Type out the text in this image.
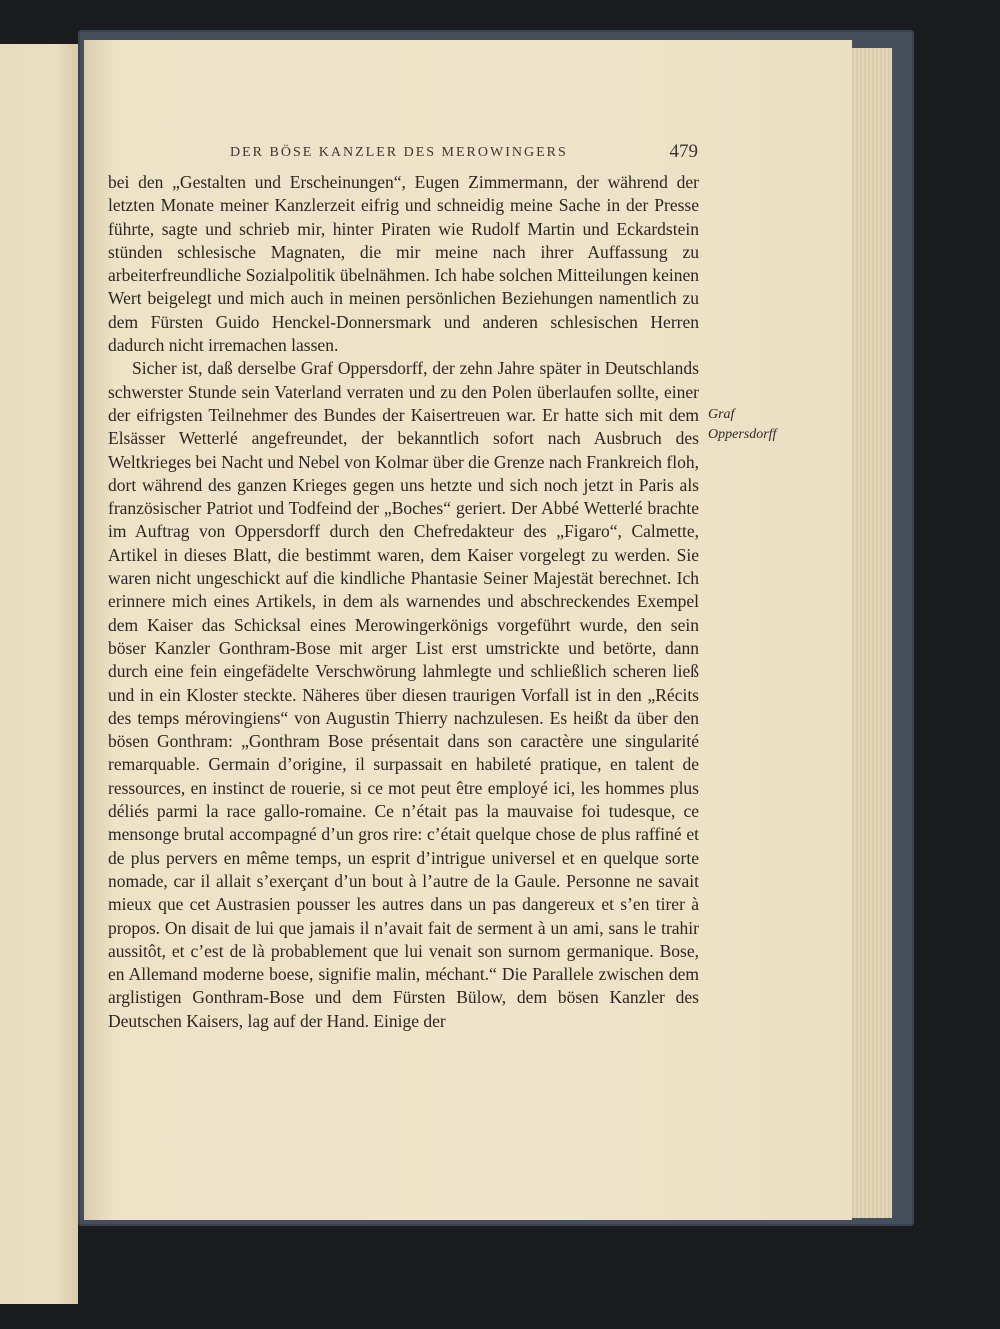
DER BÖSE KANZLER DES MEROWINGERS	479

bei den „Gestalten und Erscheinungen“, Eugen Zimmermann, der während der letzten Monate meiner Kanzlerzeit eifrig und schneidig meine Sache in der Presse führte, sagte und schrieb mir, hinter Piraten wie Rudolf Martin und Eckardstein stünden schlesische Magnaten, die mir meine nach ihrer Auffassung zu arbeiterfreundliche Sozialpolitik übelnähmen. Ich habe solchen Mitteilungen keinen Wert beigelegt und mich auch in meinen persönlichen Beziehungen namentlich zu dem Fürsten Guido Henckel-Donnersmark und anderen schlesischen Herren dadurch nicht irremachen lassen.

Sicher ist, daß derselbe Graf Oppersdorff, der zehn Jahre später in Deutschlands schwerster Stunde sein Vaterland verraten und zu den Polen überlaufen sollte, einer der eifrigsten Teilnehmer des Bundes der Kaisertreuen war. Er hatte sich mit dem Elsässer Wetterlé angefreundet, der bekanntlich sofort nach Ausbruch des Weltkrieges bei Nacht und Nebel von Kolmar über die Grenze nach Frankreich floh, dort während des ganzen Krieges gegen uns hetzte und sich noch jetzt in Paris als französischer Patriot und Todfeind der „Boches“ geriert. Der Abbé Wetterlé brachte im Auftrag von Oppersdorff durch den Chefredakteur des „Figaro“, Calmette, Artikel in dieses Blatt, die bestimmt waren, dem Kaiser vorgelegt zu werden. Sie waren nicht ungeschickt auf die kindliche Phantasie Seiner Majestät berechnet. Ich erinnere mich eines Artikels, in dem als warnendes und abschreckendes Exempel dem Kaiser das Schicksal eines Merowingerkönigs vorgeführt wurde, den sein böser Kanzler Gonthram-Bose mit arger List erst umstrickte und betörte, dann durch eine fein eingefädelte Verschwörung lahmlegte und schließlich scheren ließ und in ein Kloster steckte. Näheres über diesen traurigen Vorfall ist in den „Récits des temps mérovingiens“ von Augustin Thierry nachzulesen. Es heißt da über den bösen Gonthram: „Gonthram Bose présentait dans son caractère une singularité remarquable. Germain d’origine, il surpassait en habileté pratique, en talent de ressources, en instinct de rouerie, si ce mot peut être employé ici, les hommes plus déliés parmi la race gallo-romaine. Ce n’était pas la mauvaise foi tudesque, ce mensonge brutal accompagné d’un gros rire: c’était quelque chose de plus raffiné et de plus pervers en même temps, un esprit d’intrigue universel et en quelque sorte nomade, car il allait s’exerçant d’un bout à l’autre de la Gaule. Personne ne savait mieux que cet Austrasien pousser les autres dans un pas dangereux et s’en tirer à propos. On disait de lui que jamais il n’avait fait de serment à un ami, sans le trahir aussitôt, et c’est de là probablement que lui venait son surnom germanique. Bose, en Allemand moderne boese, signifie malin, méchant.“ Die Parallele zwischen dem arglistigen Gonthram-Bose und dem Fürsten Bülow, dem bösen Kanzler des Deutschen Kaisers, lag auf der Hand. Einige der

Graf
Oppersdorff
